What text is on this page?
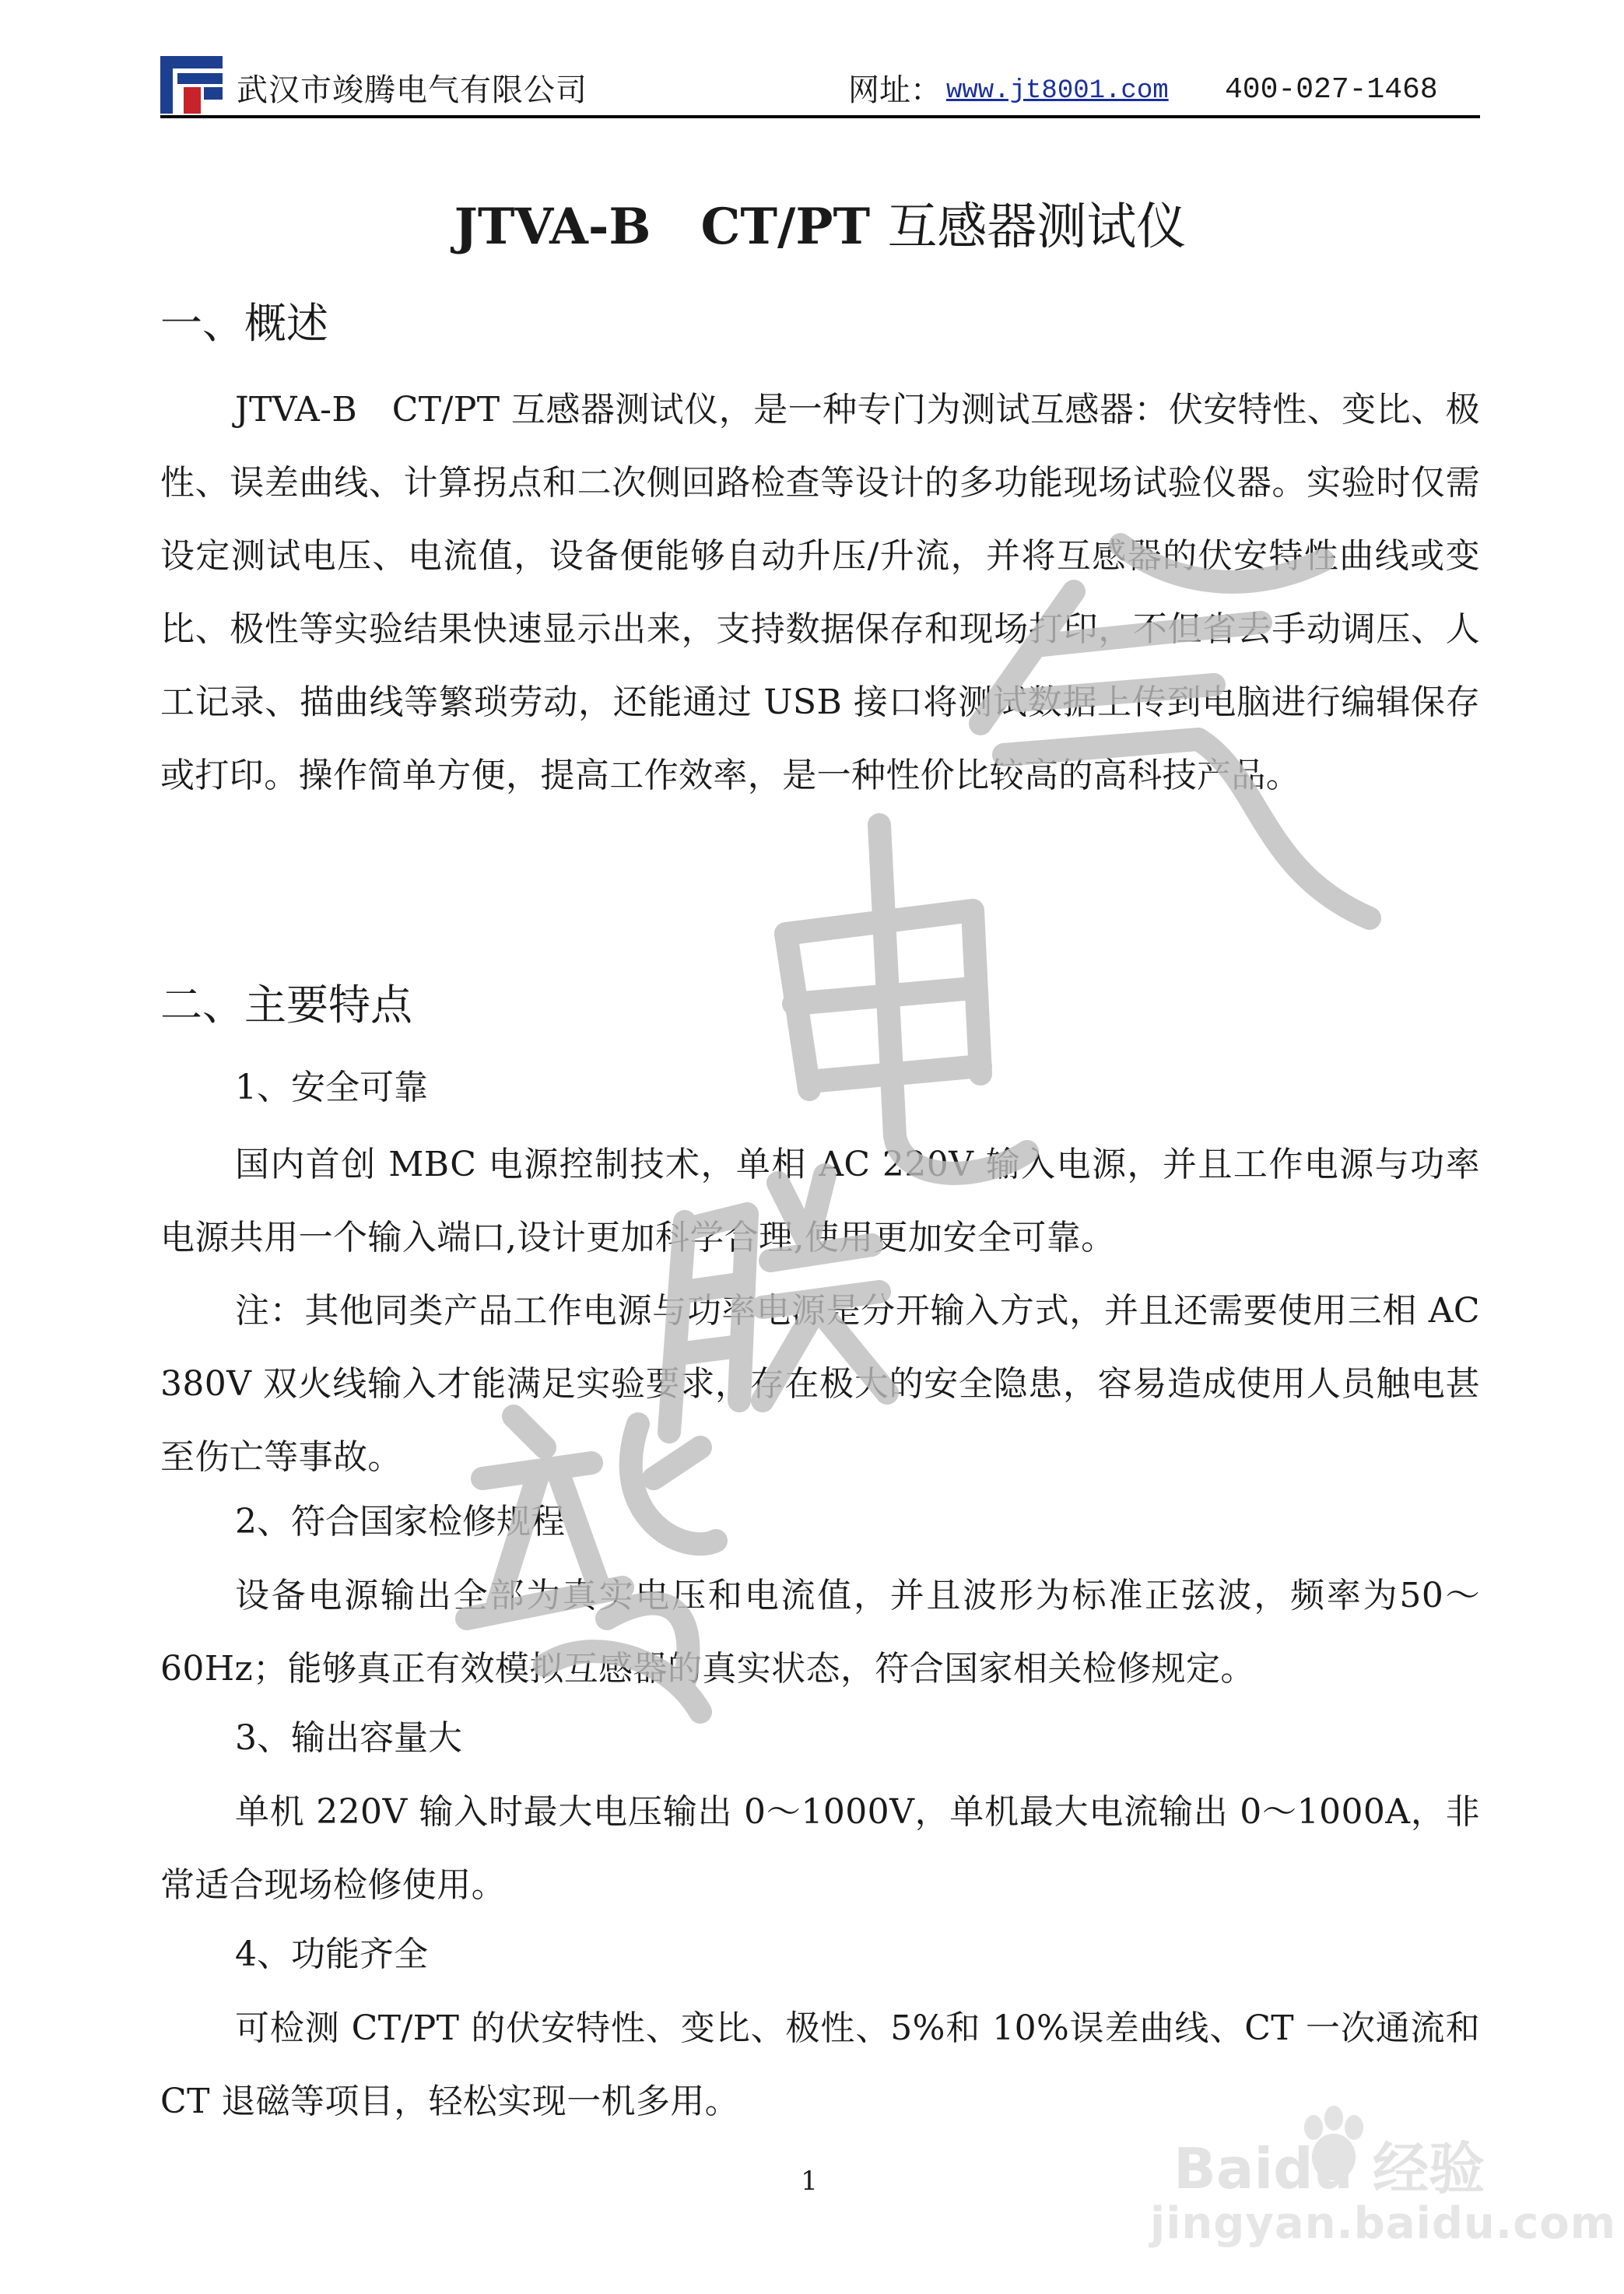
武汉市竣腾电气有限公司	网址： www.jt8001.com 400-027-1468
JTVA-B　CT/PT 互感器测试仪
一、概述
JTVA-B　CT/PT 互感器测试仪，是一种专门为测试互感器：伏安特性、变比、极性、误差曲线、计算拐点和二次侧回路检查等设计的多功能现场试验仪器。实验时仅需设定测试电压、电流值，设备便能够自动升压/升流，并将互感器的伏安特性曲线或变比、极性等实验结果快速显示出来，支持数据保存和现场打印，不但省去手动调压、人工记录、描曲线等繁琐劳动，还能通过 USB 接口将测试数据上传到电脑进行编辑保存或打印。操作简单方便，提高工作效率，是一种性价比较高的高科技产品。
二、主要特点
1、安全可靠
国内首创 MBC 电源控制技术，单相 AC 220V 输入电源，并且工作电源与功率电源共用一个输入端口,设计更加科学合理,使用更加安全可靠。
注：其他同类产品工作电源与功率电源是分开输入方式，并且还需要使用三相 AC 380V 双火线输入才能满足实验要求，存在极大的安全隐患，容易造成使用人员触电甚至伤亡等事故。
2、符合国家检修规程
设备电源输出全部为真实电压和电流值，并且波形为标准正弦波，频率为50～60Hz；能够真正有效模拟互感器的真实状态，符合国家相关检修规定。
3、输出容量大
单机 220V 输入时最大电压输出 0～1000V，单机最大电流输出 0～1000A，非常适合现场检修使用。
4、功能齐全
可检测 CT/PT 的伏安特性、变比、极性、5%和 10%误差曲线、CT 一次通流和 CT 退磁等项目，轻松实现一机多用。
1	Baidu 经验
jingyan.baidu.com
